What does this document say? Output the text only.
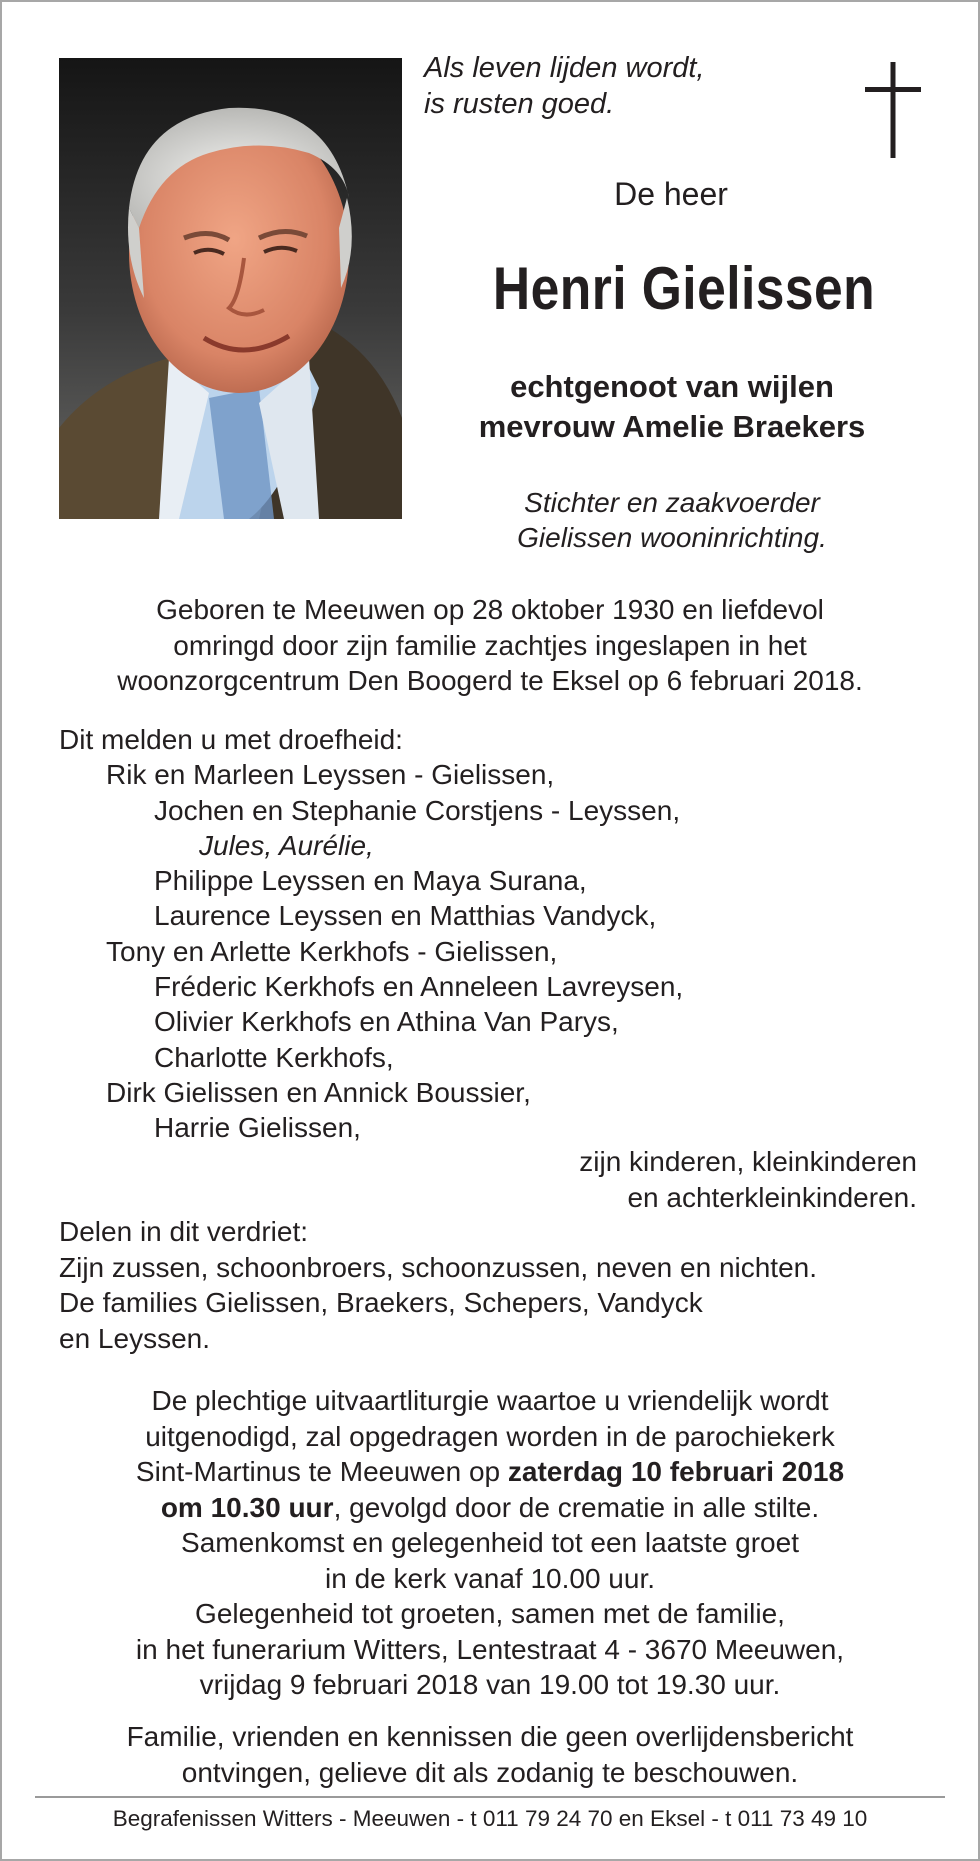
Als leven lijden wordt,
is rusten goed.
De heer
Henri Gielissen
echtgenoot van wijlen
mevrouw Amelie Braekers
Stichter en zaakvoerder
Gielissen wooninrichting.
Geboren te Meeuwen op 28 oktober 1930 en liefdevol
omringd door zijn familie zachtjes ingeslapen in het
woonzorgcentrum Den Boogerd te Eksel op 6 februari 2018.
Dit melden u met droefheid:
Rik en Marleen Leyssen - Gielissen,
Jochen en Stephanie Corstjens - Leyssen,
Jules, Aurélie,
Philippe Leyssen en Maya Surana,
Laurence Leyssen en Matthias Vandyck,
Tony en Arlette Kerkhofs - Gielissen,
Fréderic Kerkhofs en Anneleen Lavreysen,
Olivier Kerkhofs en Athina Van Parys,
Charlotte Kerkhofs,
Dirk Gielissen en Annick Boussier,
Harrie Gielissen,
zijn kinderen, kleinkinderen
en achterkleinkinderen.
Delen in dit verdriet:
Zijn zussen, schoonbroers, schoonzussen, neven en nichten.
De families Gielissen, Braekers, Schepers, Vandyck
en Leyssen.
De plechtige uitvaartliturgie waartoe u vriendelijk wordt
uitgenodigd, zal opgedragen worden in de parochiekerk
Sint-Martinus te Meeuwen op zaterdag 10 februari 2018
om 10.30 uur, gevolgd door de crematie in alle stilte.
Samenkomst en gelegenheid tot een laatste groet
in de kerk vanaf 10.00 uur.
Gelegenheid tot groeten, samen met de familie,
in het funerarium Witters, Lentestraat 4 - 3670 Meeuwen,
vrijdag 9 februari 2018 van 19.00 tot 19.30 uur.
Familie, vrienden en kennissen die geen overlijdensbericht
ontvingen, gelieve dit als zodanig te beschouwen.
Begrafenissen Witters - Meeuwen - t 011 79 24 70 en Eksel - t 011 73 49 10
